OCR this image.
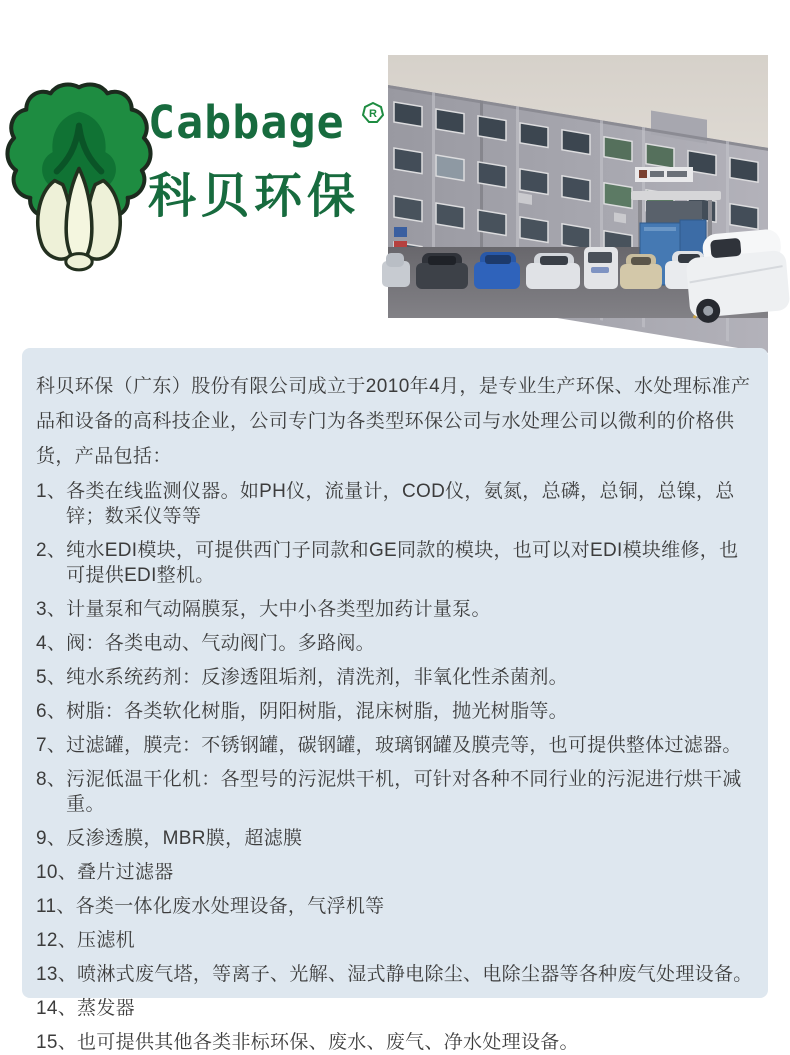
Cabbage	R
科贝环保

科贝环保（广东）股份有限公司成立于2010年4月，是专业生产环保、水处理标准产品和设备的高科技企业，公司专门为各类型环保公司与水处理公司以微利的价格供货，产品包括：

1、 各类在线监测仪器。如PH仪，流量计，COD仪，氨氮，总磷，总铜，总镍，总锌；数采仪等等
2、 纯水EDI模块，可提供西门子同款和GE同款的模块，也可以对EDI模块维修，也可提供EDI整机。
3、 计量泵和气动隔膜泵，大中小各类型加药计量泵。
4、 阀：各类电动、气动阀门。多路阀。
5、 纯水系统药剂：反渗透阻垢剂，清洗剂，非氧化性杀菌剂。
6、 树脂：各类软化树脂，阴阳树脂，混床树脂，抛光树脂等。
7、 过滤罐，膜壳：不锈钢罐，碳钢罐，玻璃钢罐及膜壳等，也可提供整体过滤器。
8、 污泥低温干化机：各型号的污泥烘干机，可针对各种不同行业的污泥进行烘干减重。
9、 反渗透膜，MBR膜，超滤膜
10、 叠片过滤器
11、 各类一体化废水处理设备，气浮机等
12、 压滤机
13、 喷淋式废气塔，等离子、光解、湿式静电除尘、电除尘器等各种废气处理设备。
14、 蒸发器
15、 也可提供其他各类非标环保、废水、废气、净水处理设备。
